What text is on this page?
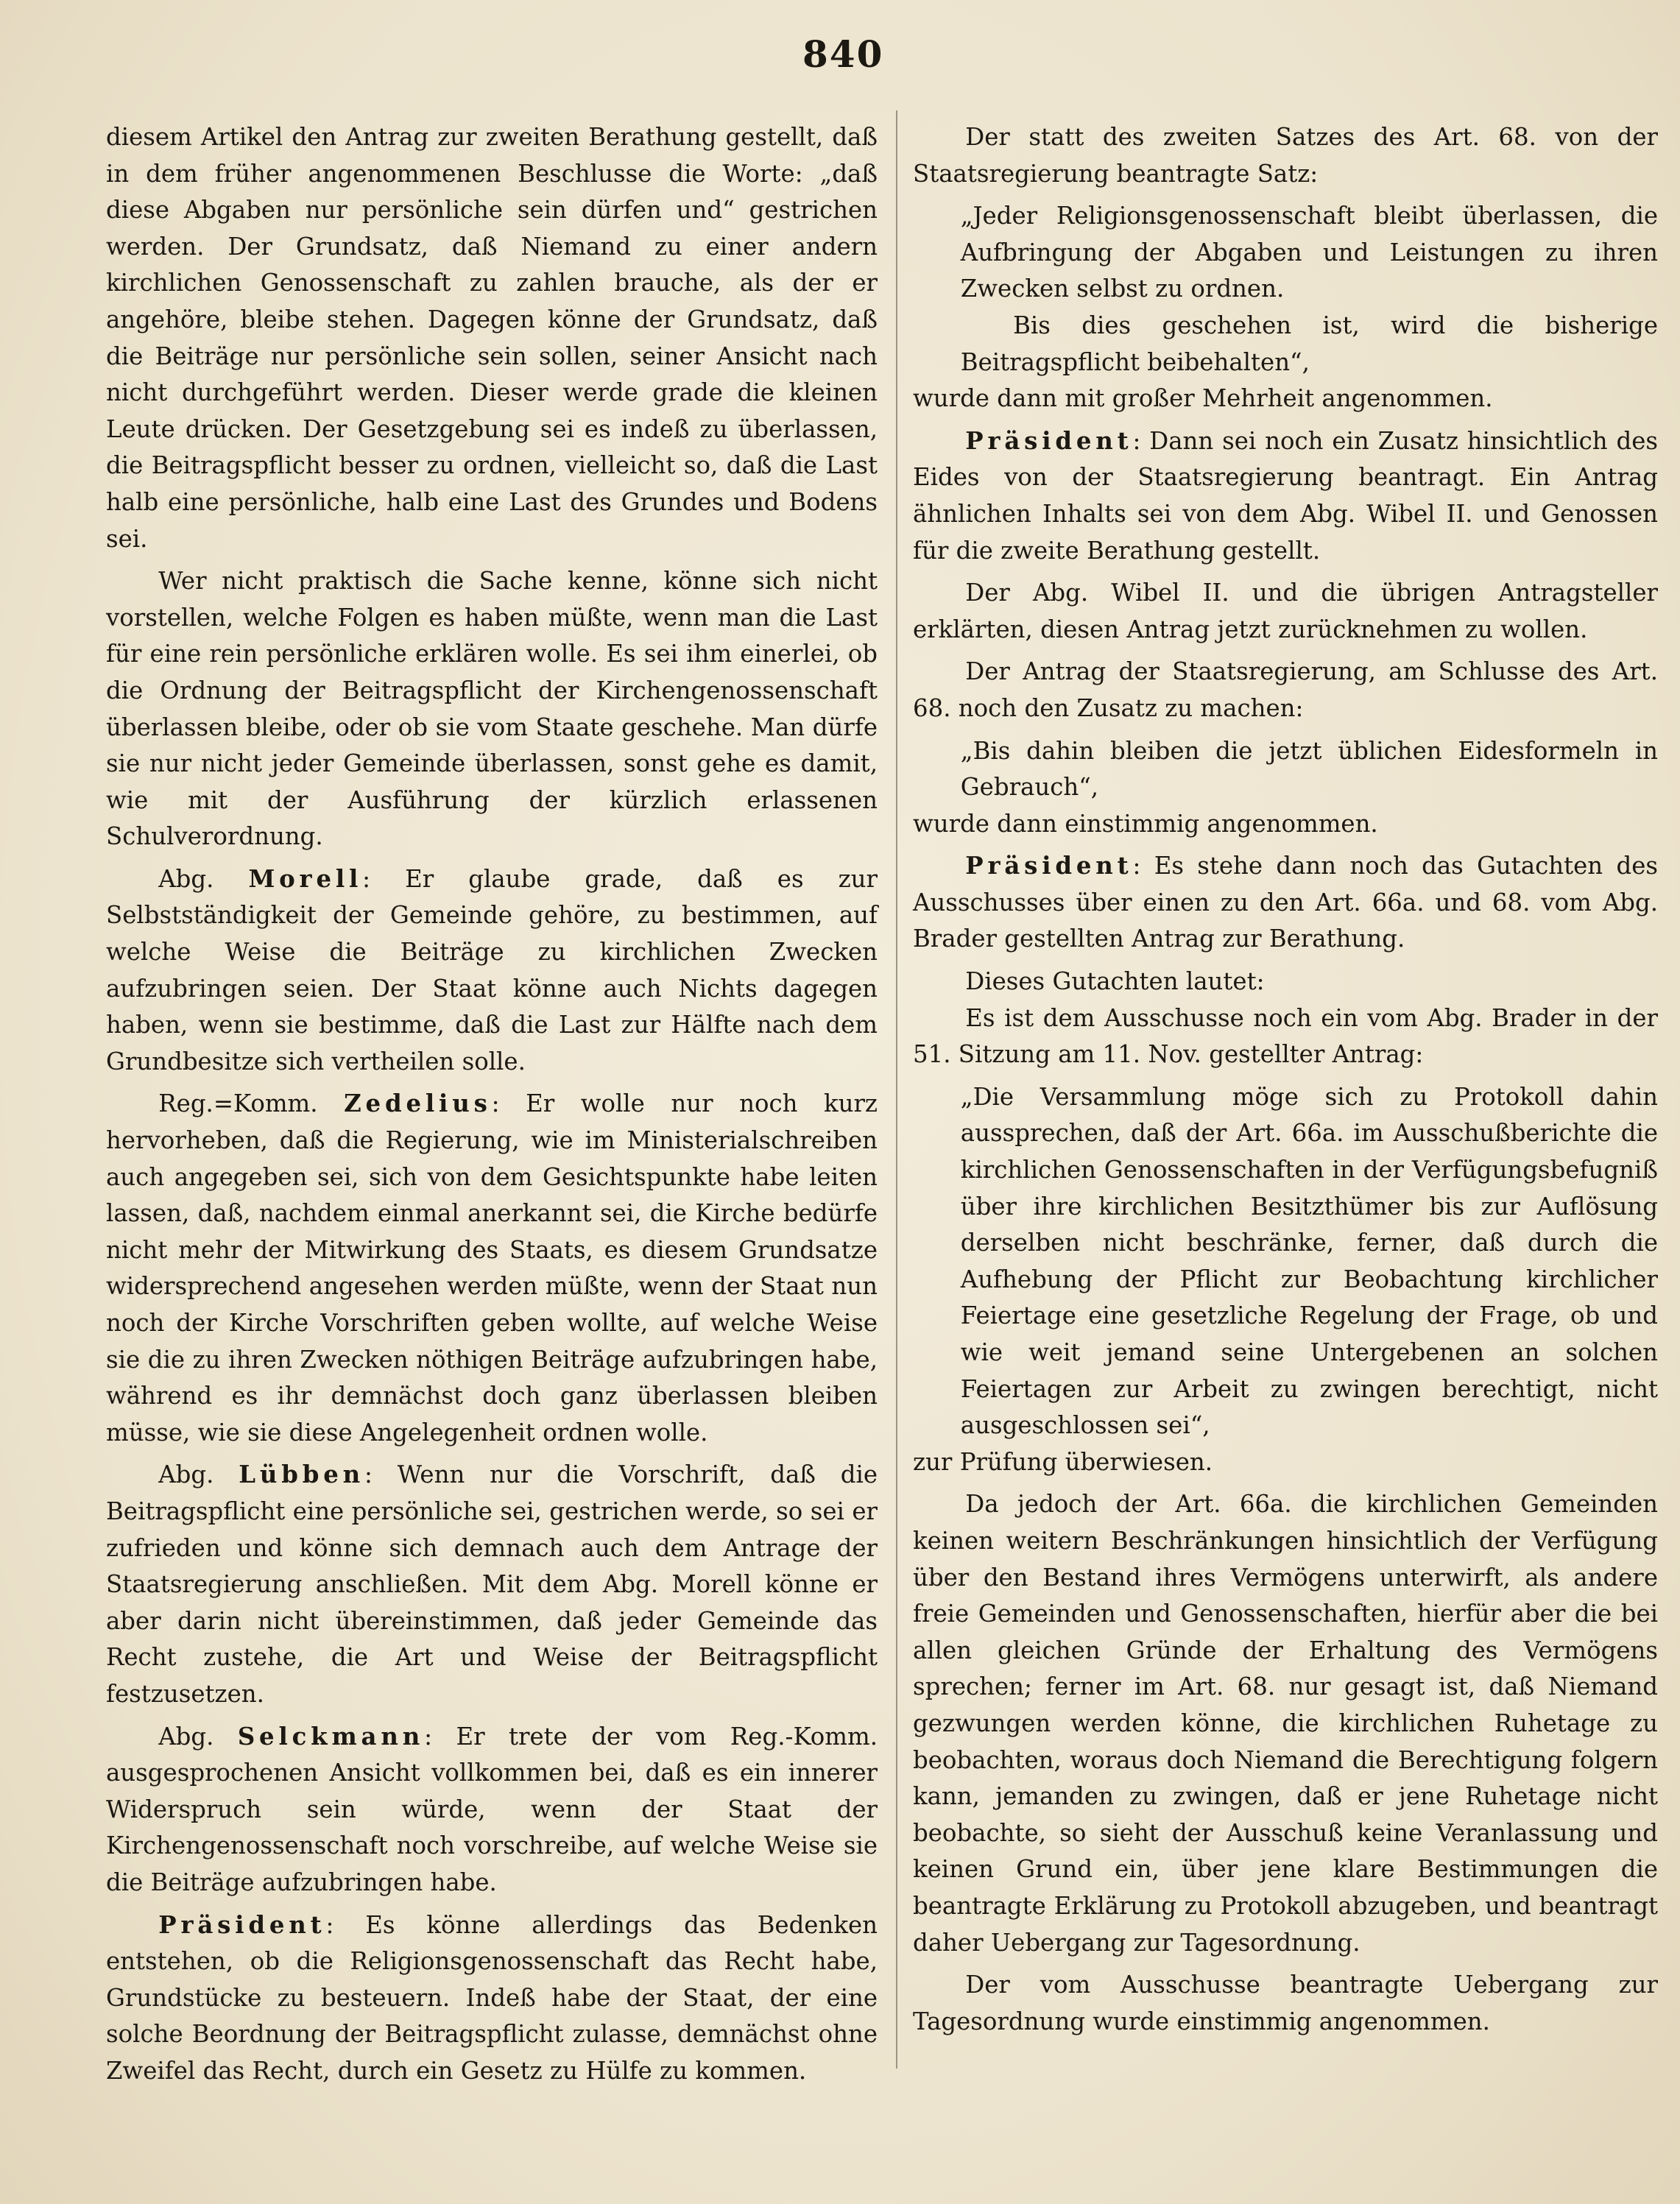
840

diesem Artikel den Antrag zur zweiten Berathung gestellt, daß in dem früher angenommenen Beschlusse die Worte: „daß diese Abgaben nur persönliche sein dürfen und“ gestrichen werden. Der Grundsatz, daß Niemand zu einer andern kirchlichen Genossenschaft zu zahlen brauche, als der er angehöre, bleibe stehen. Dagegen könne der Grundsatz, daß die Beiträge nur persönliche sein sollen, seiner Ansicht nach nicht durchgeführt werden. Dieser werde grade die kleinen Leute drücken. Der Gesetzgebung sei es indeß zu überlassen, die Beitragspflicht besser zu ordnen, vielleicht so, daß die Last halb eine persönliche, halb eine Last des Grundes und Bodens sei.

Wer nicht praktisch die Sache kenne, könne sich nicht vorstellen, welche Folgen es haben müßte, wenn man die Last für eine rein persönliche erklären wolle. Es sei ihm einerlei, ob die Ordnung der Beitragspflicht der Kirchengenossenschaft überlassen bleibe, oder ob sie vom Staate geschehe. Man dürfe sie nur nicht jeder Gemeinde überlassen, sonst gehe es damit, wie mit der Ausführung der kürzlich erlassenen Schulverordnung.

Abg. Morell: Er glaube grade, daß es zur Selbstständigkeit der Gemeinde gehöre, zu bestimmen, auf welche Weise die Beiträge zu kirchlichen Zwecken aufzubringen seien. Der Staat könne auch Nichts dagegen haben, wenn sie bestimme, daß die Last zur Hälfte nach dem Grundbesitze sich vertheilen solle.

Reg.=Komm. Zedelius: Er wolle nur noch kurz hervorheben, daß die Regierung, wie im Ministerialschreiben auch angegeben sei, sich von dem Gesichtspunkte habe leiten lassen, daß, nachdem einmal anerkannt sei, die Kirche bedürfe nicht mehr der Mitwirkung des Staats, es diesem Grundsatze widersprechend angesehen werden müßte, wenn der Staat nun noch der Kirche Vorschriften geben wollte, auf welche Weise sie die zu ihren Zwecken nöthigen Beiträge aufzubringen habe, während es ihr demnächst doch ganz überlassen bleiben müsse, wie sie diese Angelegenheit ordnen wolle.

Abg. Lübben: Wenn nur die Vorschrift, daß die Beitragspflicht eine persönliche sei, gestrichen werde, so sei er zufrieden und könne sich demnach auch dem Antrage der Staatsregierung anschließen. Mit dem Abg. Morell könne er aber darin nicht übereinstimmen, daß jeder Gemeinde das Recht zustehe, die Art und Weise der Beitragspflicht festzusetzen.

Abg. Selckmann: Er trete der vom Reg.-Komm. ausgesprochenen Ansicht vollkommen bei, daß es ein innerer Widerspruch sein würde, wenn der Staat der Kirchengenossenschaft noch vorschreibe, auf welche Weise sie die Beiträge aufzubringen habe.

Präsident: Es könne allerdings das Bedenken entstehen, ob die Religionsgenossenschaft das Recht habe, Grundstücke zu besteuern. Indeß habe der Staat, der eine solche Beordnung der Beitragspflicht zulasse, demnächst ohne Zweifel das Recht, durch ein Gesetz zu Hülfe zu kommen.

Der statt des zweiten Satzes des Art. 68. von der Staatsregierung beantragte Satz:

„Jeder Religionsgenossenschaft bleibt überlassen, die Aufbringung der Abgaben und Leistungen zu ihren Zwecken selbst zu ordnen.

Bis dies geschehen ist, wird die bisherige Beitragspflicht beibehalten“,

wurde dann mit großer Mehrheit angenommen.

Präsident: Dann sei noch ein Zusatz hinsichtlich des Eides von der Staatsregierung beantragt. Ein Antrag ähnlichen Inhalts sei von dem Abg. Wibel II. und Genossen für die zweite Berathung gestellt.

Der Abg. Wibel II. und die übrigen Antragsteller erklärten, diesen Antrag jetzt zurücknehmen zu wollen.

Der Antrag der Staatsregierung, am Schlusse des Art. 68. noch den Zusatz zu machen:

„Bis dahin bleiben die jetzt üblichen Eidesformeln in Gebrauch“,

wurde dann einstimmig angenommen.

Präsident: Es stehe dann noch das Gutachten des Ausschusses über einen zu den Art. 66a. und 68. vom Abg. Brader gestellten Antrag zur Berathung.

Dieses Gutachten lautet:

Es ist dem Ausschusse noch ein vom Abg. Brader in der 51. Sitzung am 11. Nov. gestellter Antrag:

„Die Versammlung möge sich zu Protokoll dahin aussprechen, daß der Art. 66a. im Ausschußberichte die kirchlichen Genossenschaften in der Verfügungsbefugniß über ihre kirchlichen Besitzthümer bis zur Auflösung derselben nicht beschränke, ferner, daß durch die Aufhebung der Pflicht zur Beobachtung kirchlicher Feiertage eine gesetzliche Regelung der Frage, ob und wie weit jemand seine Untergebenen an solchen Feiertagen zur Arbeit zu zwingen berechtigt, nicht ausgeschlossen sei“,

zur Prüfung überwiesen.

Da jedoch der Art. 66a. die kirchlichen Gemeinden keinen weitern Beschränkungen hinsichtlich der Verfügung über den Bestand ihres Vermögens unterwirft, als andere freie Gemeinden und Genossenschaften, hierfür aber die bei allen gleichen Gründe der Erhaltung des Vermögens sprechen; ferner im Art. 68. nur gesagt ist, daß Niemand gezwungen werden könne, die kirchlichen Ruhetage zu beobachten, woraus doch Niemand die Berechtigung folgern kann, jemanden zu zwingen, daß er jene Ruhetage nicht beobachte, so sieht der Ausschuß keine Veranlassung und keinen Grund ein, über jene klare Bestimmungen die beantragte Erklärung zu Protokoll abzugeben, und beantragt daher Uebergang zur Tagesordnung.

Der vom Ausschusse beantragte Uebergang zur Tagesordnung wurde einstimmig angenommen.
